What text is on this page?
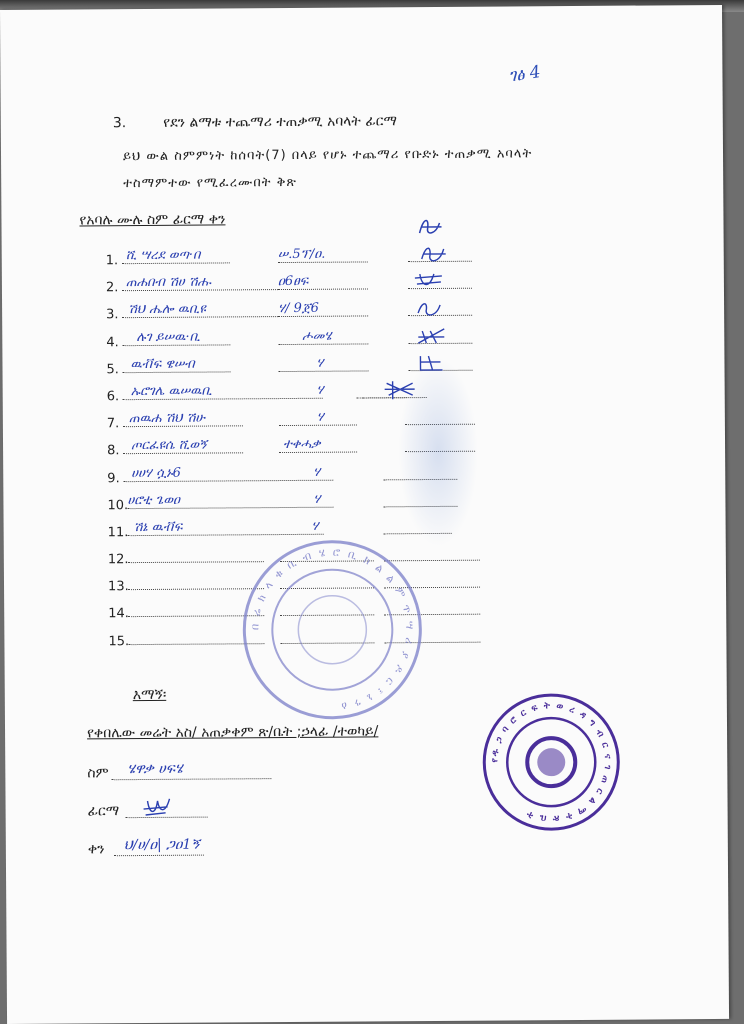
ገፅ 4
3.	የደን ልማቱ ተጨማሪ ተጠቃሚ አባላት ፊርማ
ይህ ውል ስምምነት ከሰባት(7) በላይ የሆኑ ተጨማሪ የቡድኑ ተጠቃሚ አባላት
ተስማምተው የሚፈረሙበት ቅጽ
የአባሉ ሙሉ ስም ፊርማ ቀን
1. ሺ ሣረደ ወጣ·በ	ሠ.5ፕ/ዐ.
2. ጠሐበብ ሽሀ ሽሑ	ዐ6ፀፍ
3. ሽህ ሔሎ ዉቢዩ	ሃ/ 9ጀ6
4. ሉገ ይሠዉ·ቢ	ሖመሄ
5. ዉቭፍ ዌሠብ	ሃ
6. ኡሮገሌ ዉሠዉቢ	ሃ
7. ጠዉሐ ሽህ ሽሁ	ሃ
8. ጦርፈዩሴ ሺወኝ	ተቀሓቃ
9. ሀሀሃ ሷኑ6	ሃ
10. ሀሮቲ ጌወዐ	ሃ
11. ሽኔ ዉቭፍ	ሃ
12.
13.
14.
15.
በ ሬ ክ ላ ቁ ቢ ብ ሄ ሮ ቢ ክ ል ል ም ጥ ሣ ሪ ያ ዶ ር ፣ ኔ ን ዕ
እማኝ፡
የቀበሌው መሬት አስ/ አጠቃቀም ጽ/ቤት ;ኃላፊ /ተወካይ/
ስም ሄዋቃ ሀፍሄ
ፊርማ
ቀን ህ/ሀ/ዐ| ጋዐ1ኝ
የዱ ጋ ባ ሮ ር ፍ ት ወ ረ ዳ ግ ብ ር ና ገ ጠ ር ል ማ ት ጽ ቤ ት
